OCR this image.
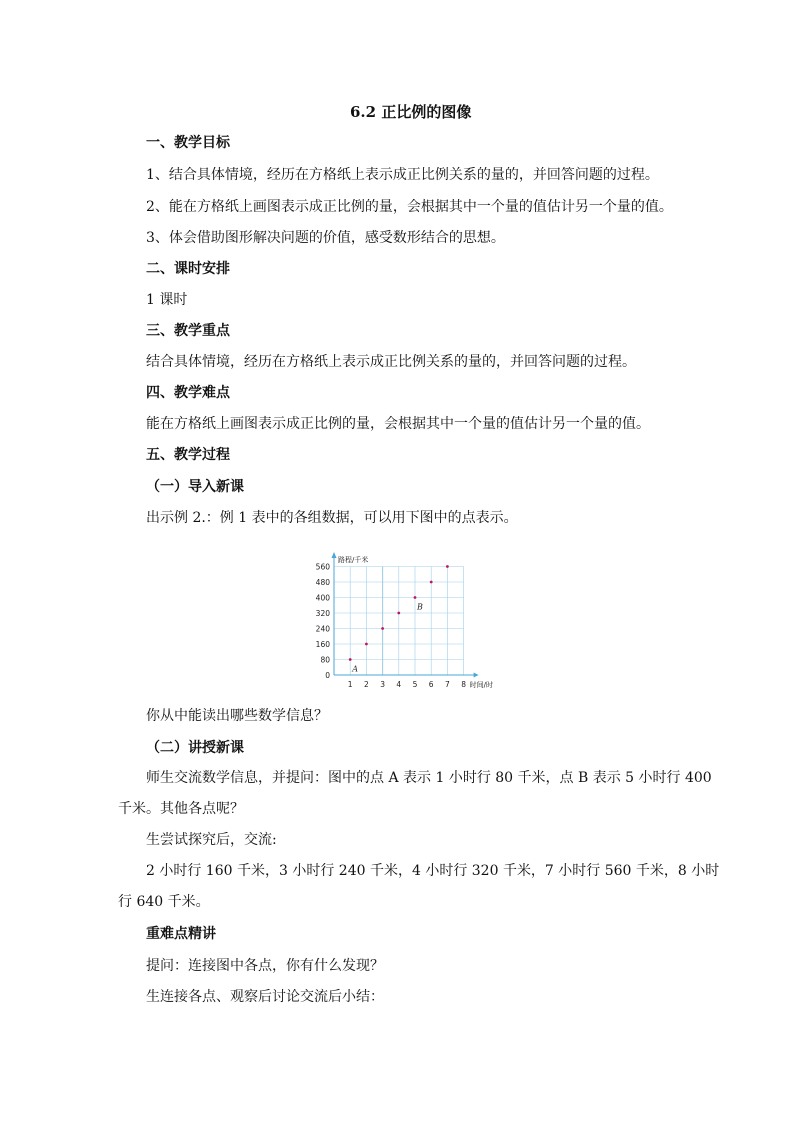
6.2 正比例的图像
一、教学目标
1、结合具体情境，经历在方格纸上表示成正比例关系的量的，并回答问题的过程。
2、能在方格纸上画图表示成正比例的量，会根据其中一个量的值估计另一个量的值。
3、体会借助图形解决问题的价值，感受数形结合的思想。
二、课时安排
1 课时
三、教学重点
结合具体情境，经历在方格纸上表示成正比例关系的量的，并回答问题的过程。
四、教学难点
能在方格纸上画图表示成正比例的量，会根据其中一个量的值估计另一个量的值。
五、教学过程
（一）导入新课
出示例 2.：例 1 表中的各组数据，可以用下图中的点表示。
0
80
160
240
320
400
480
560
1 2 3 4 5 6 7 8
路程/千米
时间/时
A
B
你从中能读出哪些数学信息？
（二）讲授新课
师生交流数学信息，并提问：图中的点 A 表示 1 小时行 80 千米，点 B 表示 5 小时行 400
千米。其他各点呢？
生尝试探究后，交流:
2 小时行 160 千米，3 小时行 240 千米，4 小时行 320 千米，7 小时行 560 千米，8 小时
行 640 千米。
重难点精讲
提问：连接图中各点，你有什么发现？
生连接各点、观察后讨论交流后小结：
